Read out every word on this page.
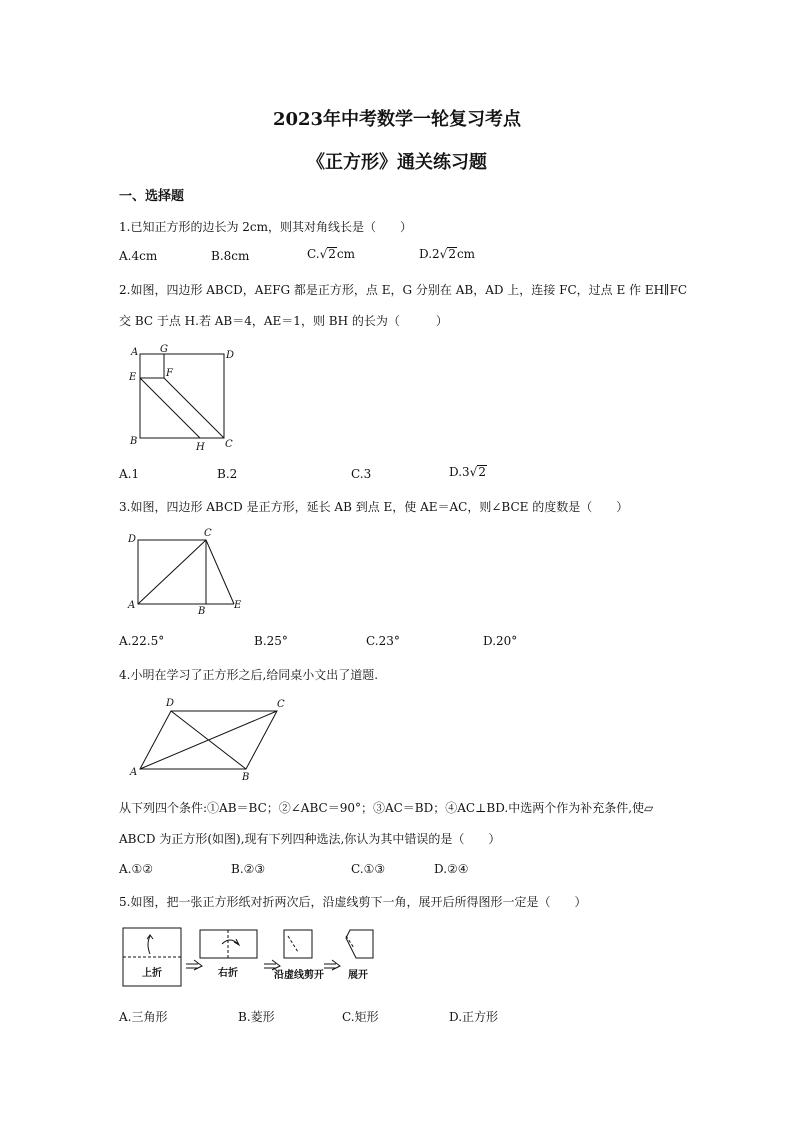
2023年中考数学一轮复习考点
《正方形》通关练习题
一、选择题
1.已知正方形的边长为 2cm，则其对角线长是（　　）
A.4cm	B.8cm	C.√2cm	D.2√2cm
2.如图，四边形 ABCD，AEFG 都是正方形，点 E，G 分别在 AB，AD 上，连接 FC，过点 E 作 EH∥FC
交 BC 于点 H.若 AB＝4，AE＝1，则 BH 的长为（　　　）
A G
D
E	F
B
H C
A.1	B.2	C.3	D.3√2
3.如图，四边形 ABCD 是正方形，延长 AB 到点 E，使 AE＝AC，则∠BCE 的度数是（　　）
D
C
A
B
E
A.22.5°	B.25°	C.23°	D.20°
4.小明在学习了正方形之后,给同桌小文出了道题.
D	C
A	B
从下列四个条件:①AB＝BC；②∠ABC＝90°；③AC＝BD；④AC⊥BD.中选两个作为补充条件,使▱
ABCD 为正方形(如图),现有下列四种选法,你认为其中错误的是（　　）
A.①②	B.②③	C.①③	D.②④
5.如图，把一张正方形纸对折两次后，沿虚线剪下一角，展开后所得图形一定是（　　）
上折	右折	沿虚线剪开 展开
A.三角形	B.菱形	C.矩形	D.正方形
